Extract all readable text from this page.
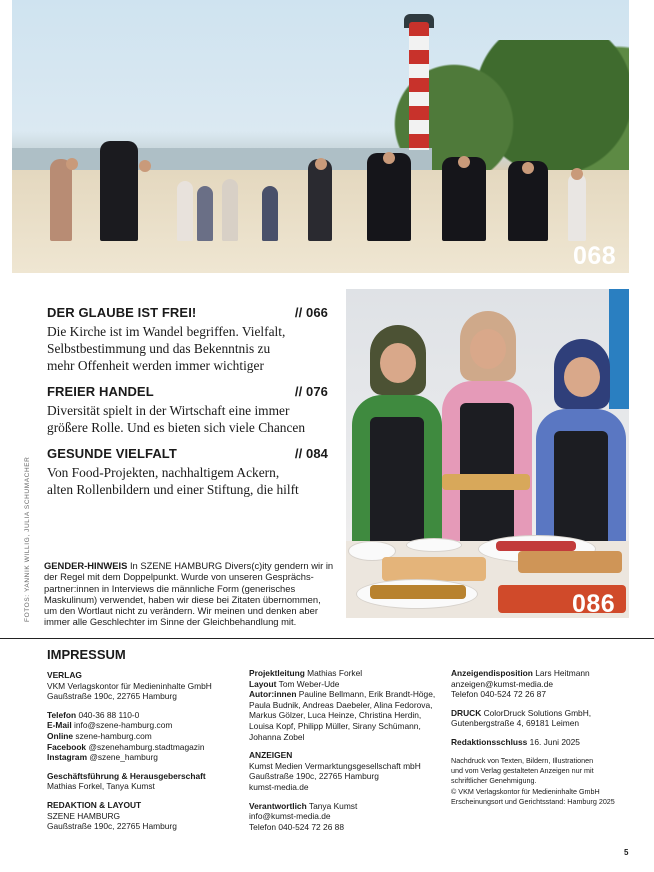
068
086
DER GLAUBE IST FREI!	// 066
Die Kirche ist im Wandel begriffen. Vielfalt,
Selbstbestimmung und das Bekenntnis zu
mehr Offenheit werden immer wichtiger
FREIER HANDEL	// 076
Diversität spielt in der Wirtschaft eine immer
größere Rolle. Und es bieten sich viele Chancen
GESUNDE VIELFALT	// 084
Von Food-Projekten, nachhaltigem Ackern,
alten Rollenbildern und einer Stiftung, die hilft
FOTOS: YANNIK WILLIG, JULIA SCHUMACHER GENDER-HINWEIS In SZENE HAMBURG Divers(c)ity gendern wir in
der Regel mit dem Doppelpunkt. Wurde von unseren Gesprächs-
partner:innen in Interviews die männliche Form (generisches
Maskulinum) verwendet, haben wir diese bei Zitaten übernommen,
um den Wortlaut nicht zu verändern. Wir meinen und denken aber
immer alle Geschlechter im Sinne der Gleichbehandlung mit.
IMPRESSUM
VERLAG
VKM Verlagskontor für Medieninhalte GmbH
Gaußstraße 190c, 22765 Hamburg
Telefon 040-36 88 110-0
E-Mail info@szene-hamburg.com
Online szene-hamburg.com
Facebook @szenehamburg.stadtmagazin
Instagram @szene_hamburg
Geschäftsführung & Herausgeberschaft
Mathias Forkel, Tanya Kumst
REDAKTION & LAYOUT
SZENE HAMBURG
Gaußstraße 190c, 22765 Hamburg
Projektleitung Mathias Forkel
Layout Tom Weber-Ude
Autor:innen Pauline Bellmann, Erik Brandt-Höge,
Paula Budnik, Andreas Daebeler, Alina Fedorova,
Markus Gölzer, Luca Heinze, Christina Herdin,
Louisa Kopf, Philipp Müller, Sirany Schümann,
Johanna Zobel
ANZEIGEN
Kumst Medien Vermarktungsgesellschaft mbH
Gaußstraße 190c, 22765 Hamburg
kumst-media.de
Verantwortlich Tanya Kumst
info@kumst-media.de
Telefon 040-524 72 26 88
Anzeigendisposition Lars Heitmann
anzeigen@kumst-media.de
Telefon 040-524 72 26 87
DRUCK ColorDruck Solutions GmbH,
Gutenbergstraße 4, 69181 Leimen
Redaktionsschluss 16. Juni 2025
Nachdruck von Texten, Bildern, Illustrationen
und vom Verlag gestalteten Anzeigen nur mit
schriftlicher Genehmigung.
© VKM Verlagskontor für Medieninhalte GmbH
Erscheinungsort und Gerichtsstand: Hamburg 2025
5
